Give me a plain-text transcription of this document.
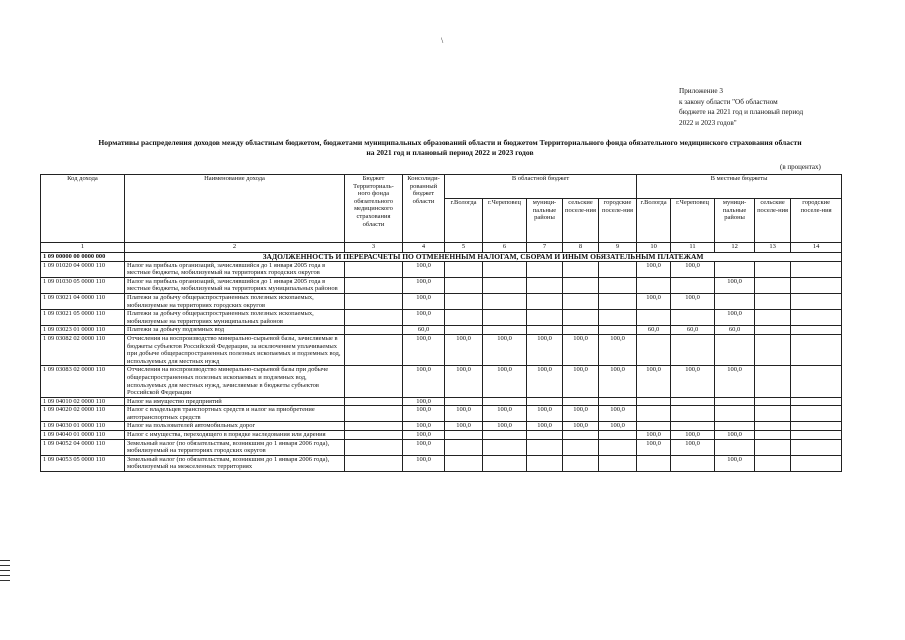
\
Приложение 3
к закону области "Об областном
бюджете на 2021 год и плановый период
2022 и 2023 годов"
Нормативы распределения доходов между областным бюджетом, бюджетами муниципальных образований области и бюджетом Территориального фонда обязательного медицинского страхования области
на 2021 год и плановый период 2022 и 2023 годов
(в процентах)
Код дохода	Наименование дохода	Бюджет Территориаль-ного фонда обязательного медицинского страхования области	Консолиди-рованный бюджет области	В областной бюджет					В местные бюджеты				
				г.Вологда	г.Череповец	муници-пальные районы	сельские поселе-ния	городские поселе-ния	г.Вологда	г.Череповец	муници-пальные районы	сельские поселе-ния	городские поселе-ния
1	2	3	4	5	6	7	8	9	10	11	12	13	14
1 09 00000 00 0000 000	ЗАДОЛЖЕННОСТЬ И ПЕРЕРАСЧЕТЫ ПО ОТМЕНЕННЫМ НАЛОГАМ, СБОРАМ И ИНЫМ ОБЯЗАТЕЛЬНЫМ ПЛАТЕЖАМ												
1 09 01020 04 0000 110	Налог на прибыль организаций, зачислявшийся до 1 января 2005 года в местные бюджеты, мобилизуемый на территориях городских округов		100,0						100,0	100,0			
1 09 01030 05 0000 110	Налог на прибыль организаций, зачислявшийся до 1 января 2005 года в местные бюджеты, мобилизуемый на территориях муниципальных районов		100,0								100,0		
1 09 03021 04 0000 110	Платежи за добычу общераспространенных полезных ископаемых, мобилизуемые на территориях городских округов		100,0						100,0	100,0			
1 09 03021 05 0000 110	Платежи за добычу общераспространенных полезных ископаемых, мобилизуемые на территориях муниципальных районов		100,0								100,0		
1 09 03023 01 0000 110	Платежи за добычу подземных вод		60,0						60,0	60,0	60,0		
1 09 03082 02 0000 110	Отчисления на воспроизводство минерально-сырьевой базы, зачисляемые в бюджеты субъектов Российской Федерации, за исключением уплачиваемых при добыче общераспространенных полезных ископаемых и подземных вод, используемых для местных нужд		100,0	100,0	100,0	100,0	100,0	100,0					
1 09 03083 02 0000 110	Отчисления на воспроизводство минерально-сырьевой базы при добыче общераспространенных полезных ископаемых и подземных вод, используемых для местных нужд, зачисляемые в бюджеты субъектов Российской Федерации		100,0	100,0	100,0	100,0	100,0	100,0	100,0	100,0	100,0		
1 09 04010 02 0000 110	Налог на имущество предприятий		100,0										
1 09 04020 02 0000 110	Налог с владельцев транспортных средств и налог на приобретение автотранспортных средств		100,0	100,0	100,0	100,0	100,0	100,0					
1 09 04030 01 0000 110	Налог на пользователей автомобильных дорог		100,0	100,0	100,0	100,0	100,0	100,0					
1 09 04040 01 0000 110	Налог с имущества, переходящего в порядке наследования или дарения		100,0						100,0	100,0	100,0		
1 09 04052 04 0000 110	Земельный налог (по обязательствам, возникшим до 1 января 2006 года), мобилизуемый на территориях городских округов		100,0						100,0	100,0			
1 09 04053 05 0000 110	Земельный налог (по обязательствам, возникшим до 1 января 2006 года), мобилизуемый на межселенных территориях		100,0								100,0		
